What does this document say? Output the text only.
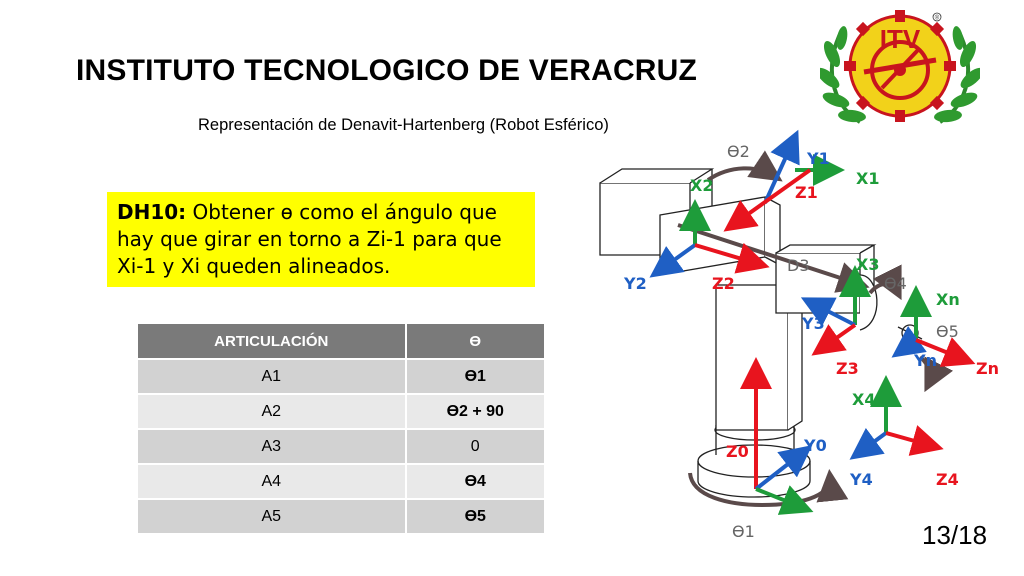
INSTITUTO TECNOLOGICO DE VERACRUZ
Representación de Denavit-Hartenberg (Robot Esférico)
ITV
®
DH10: Obtener ɵ como el ángulo que hay que girar en torno a Zi-1 para que Xi-1 y Xi queden alineados.
ARTICULACIÓN	Ɵ
A1	Ɵ1
A2	Ɵ2 + 90
A3	0
A4	Ɵ4
A5	Ɵ5
D3
Ɵ2
Ɵ4
Ɵ5
Ɵ1
Z0	Y0
Y1
X1
Z1
X2
Y2	Z2
X3
Y3
Z3
X4
Y4	Z4
Xn
Yn Zn
13/18
